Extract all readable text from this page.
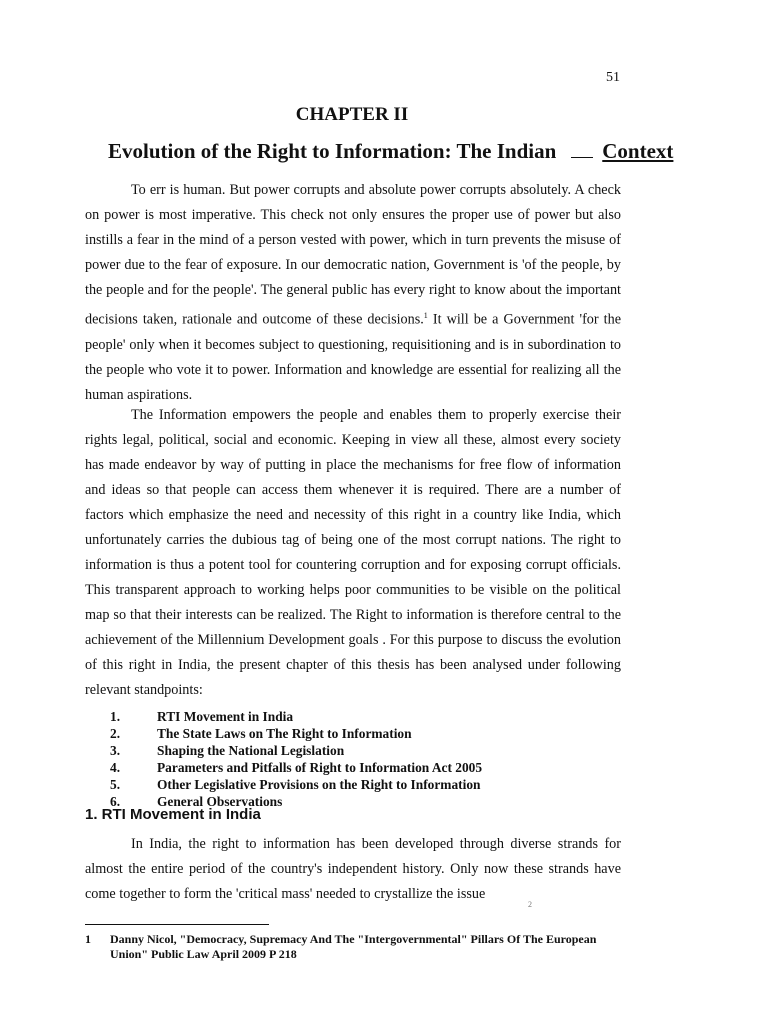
51
CHAPTER II
Evolution of the Right to Information: The Indian Context

To err is human. But power corrupts and absolute power corrupts absolutely. A check on power is most imperative. This check not only ensures the proper use of power but also instills a fear in the mind of a person vested with power, which in turn prevents the misuse of power due to the fear of exposure. In our democratic nation, Government is 'of the people, by the people and for the people'. The general public has every right to know about the important decisions taken, rationale and outcome of these decisions.$^1$ It will be a Government 'for the people' only when it becomes subject to questioning, requisitioning and is in subordination to the people who vote it to power. Information and knowledge are essential for realizing all the human aspirations.

The Information empowers the people and enables them to properly exercise their rights legal, political, social and economic. Keeping in view all these, almost every society has made endeavor by way of putting in place the mechanisms for free flow of information and ideas so that people can access them whenever it is required. There are a number of factors which emphasize the need and necessity of this right in a country like India, which unfortunately carries the dubious tag of being one of the most corrupt nations. The right to information is thus a potent tool for countering corruption and for exposing corrupt officials. This transparent approach to working helps poor communities to be visible on the political map so that their interests can be realized. The Right to information is therefore central to the achievement of the Millennium Development goals . For this purpose to discuss the evolution of this right in India, the present chapter of this thesis has been analysed under following relevant standpoints:

1.	RTI Movement in India
2.	The State Laws on The Right to Information
3.	Shaping the National Legislation
4.	Parameters and Pitfalls of Right to Information Act 2005
5.	Other Legislative Provisions on the Right to Information
6.	General Observations
1. RTI Movement in India

In India, the right to information has been developed through diverse strands for almost the entire period of the country's independent history. Only now these strands have come together to form the 'critical mass' needed to crystallize the issue

2
1 Danny Nicol, "Democracy, Supremacy And The "Intergovernmental" Pillars Of The European Union" Public Law April 2009 P 218
